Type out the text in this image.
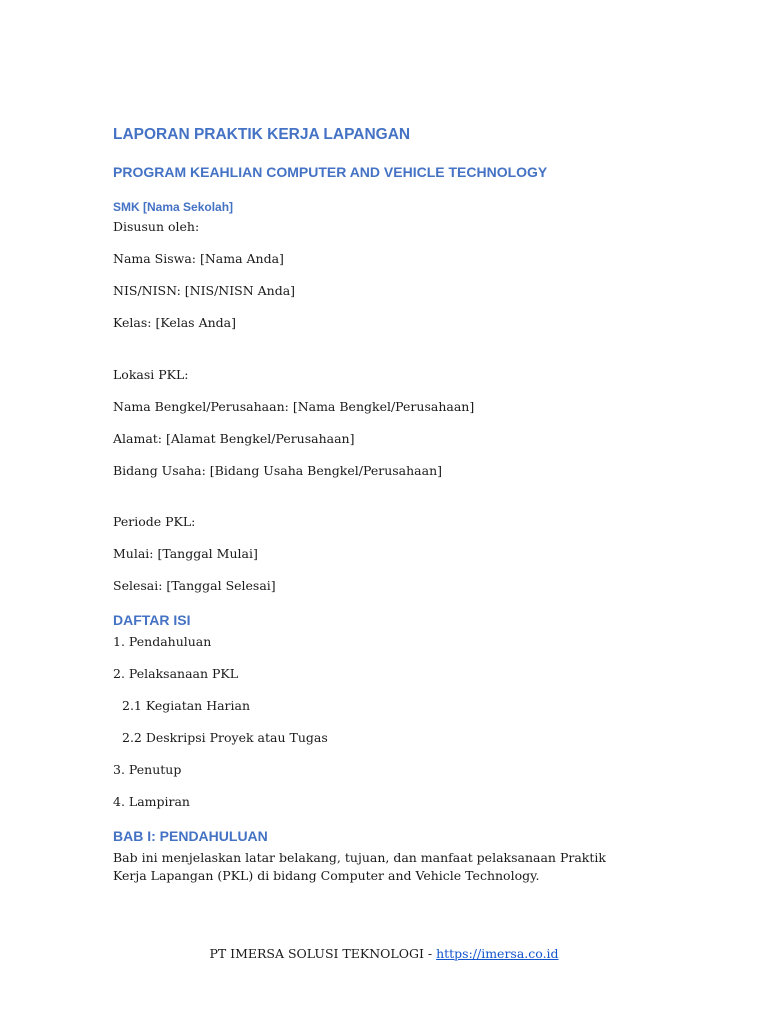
LAPORAN PRAKTIK KERJA LAPANGAN
PROGRAM KEAHLIAN COMPUTER AND VEHICLE TECHNOLOGY
SMK [Nama Sekolah]
Disusun oleh:
Nama Siswa: [Nama Anda]
NIS/NISN: [NIS/NISN Anda]
Kelas: [Kelas Anda]
Lokasi PKL:
Nama Bengkel/Perusahaan: [Nama Bengkel/Perusahaan]
Alamat: [Alamat Bengkel/Perusahaan]
Bidang Usaha: [Bidang Usaha Bengkel/Perusahaan]
Periode PKL:
Mulai: [Tanggal Mulai]
Selesai: [Tanggal Selesai]
DAFTAR ISI
1. Pendahuluan
2. Pelaksanaan PKL
2.1 Kegiatan Harian
2.2 Deskripsi Proyek atau Tugas
3. Penutup
4. Lampiran
BAB I: PENDAHULUAN
Bab ini menjelaskan latar belakang, tujuan, dan manfaat pelaksanaan Praktik Kerja Lapangan (PKL) di bidang Computer and Vehicle Technology.
PT IMERSA SOLUSI TEKNOLOGI - https://imersa.co.id
